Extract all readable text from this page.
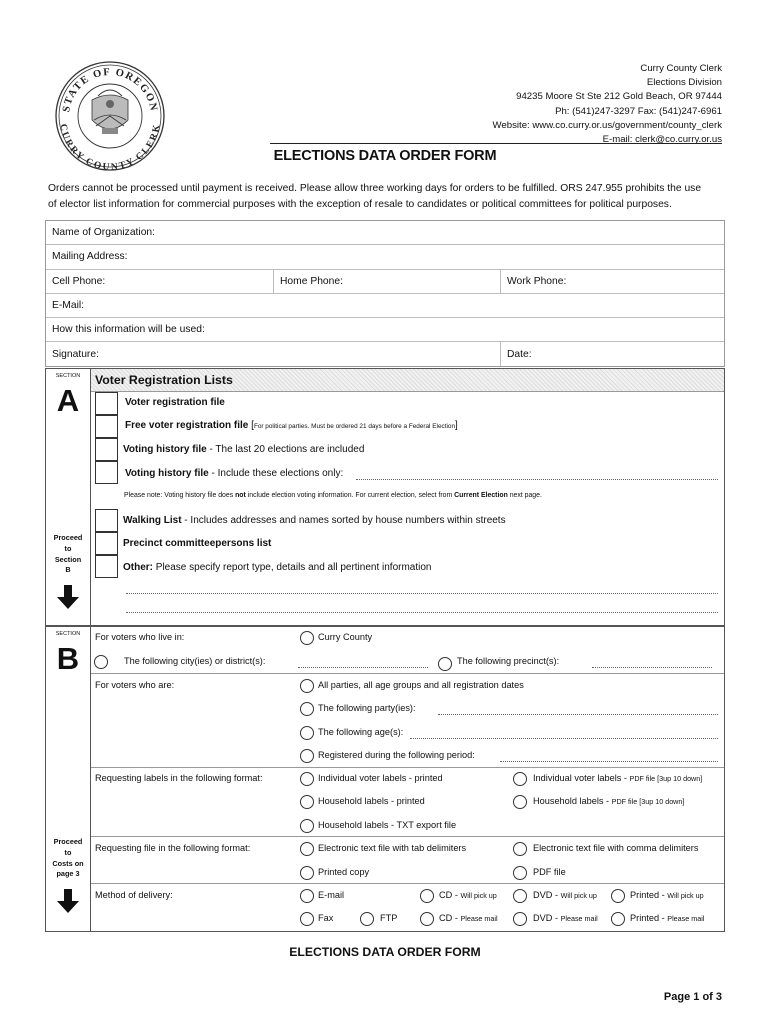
STATE OF OREGON
CURRY COUNTY CLERK
Curry County Clerk
Elections Division
94235 Moore St Ste 212 Gold Beach, OR 97444
Ph: (541)247-3297 Fax: (541)247-6961
Website: www.co.curry.or.us/government/county_clerk
E-mail: clerk@co.curry.or.us
ELECTIONS DATA ORDER FORM
Orders cannot be processed until payment is received. Please allow three working days for orders to be fulfilled. ORS 247.955 prohibits the use
of elector list information for commercial purposes with the exception of resale to candidates or political committees for political purposes.
Name of Organization:
Mailing Address:
Cell Phone:	Home Phone:	Work Phone:
E-Mail:
How this information will be used:
Signature:	Date:
SECTION
A
Proceed
to
Section
B
Voter Registration Lists
Voter registration file
Free voter registration file [For political parties. Must be ordered 21 days before a Federal Election]
Voting history file - The last 20 elections are included
Voting history file - Include these elections only:
Please note: Voting history file does not include election voting information. For current election, select from Current Election next page.
Walking List - Includes addresses and names sorted by house numbers within streets
Precinct committeepersons list
Other: Please specify report type, details and all pertinent information
SECTION
B
Proceed
to
Costs on
page 3
For voters who live in:	Curry County
The following city(ies) or district(s):	The following precinct(s):
For voters who are:	All parties, all age groups and all registration dates
The following party(ies):
The following age(s):
Registered during the following period:
Requesting labels in the following format:	Individual voter labels - printed	Individual voter labels - PDF file [3up 10 down]
Household labels - printed	Household labels - PDF file [3up 10 down]
Household labels - TXT export file
Requesting file in the following format:	Electronic text file with tab delimiters	Electronic text file with comma delimiters
Printed copy	PDF file
Method of delivery:	E-mail	CD - Will pick up	DVD - Will pick up	Printed - Will pick up
Fax	FTP	CD - Please mail	DVD - Please mail	Printed - Please mail
ELECTIONS DATA ORDER FORM
Page 1 of 3
